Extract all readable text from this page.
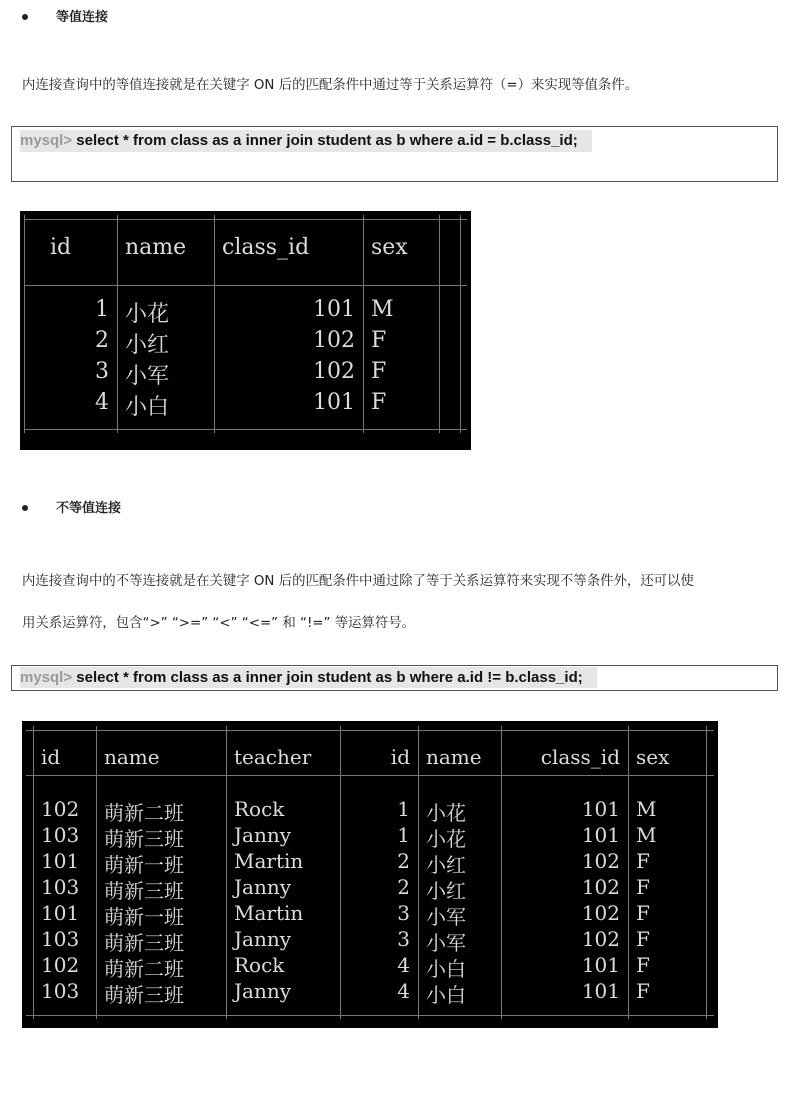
等值连接
内连接查询中的等值连接就是在关键字 ON 后的匹配条件中通过等于关系运算符（=）来实现等值条件。
mysql> select * from class as a inner join student as b where a.id = b.class_id;
id	name	class_id	sex
1 小花	101 M
2 小红	102 F
3 小军	102 F
4 小白	101 F
不等值连接
内连接查询中的不等连接就是在关键字 ON 后的匹配条件中通过除了等于关系运算符来实现不等条件外，还可以使
用关系运算符，包含“>” “>=” “<” “<=” 和 “!=” 等运算符号。
mysql> select * from class as a inner join student as b where a.id != b.class_id;
id	name	teacher	id name	class_id sex
102	萌新二班	Rock	1 小花	101 M
103	萌新三班	Janny	1 小花	101 M
101	萌新一班	Martin	2 小红	102 F
103	萌新三班	Janny	2 小红	102 F
101	萌新一班	Martin	3 小军	102 F
103	萌新三班	Janny	3 小军	102 F
102	萌新二班	Rock	4 小白	101 F
103	萌新三班	Janny	4 小白	101 F
